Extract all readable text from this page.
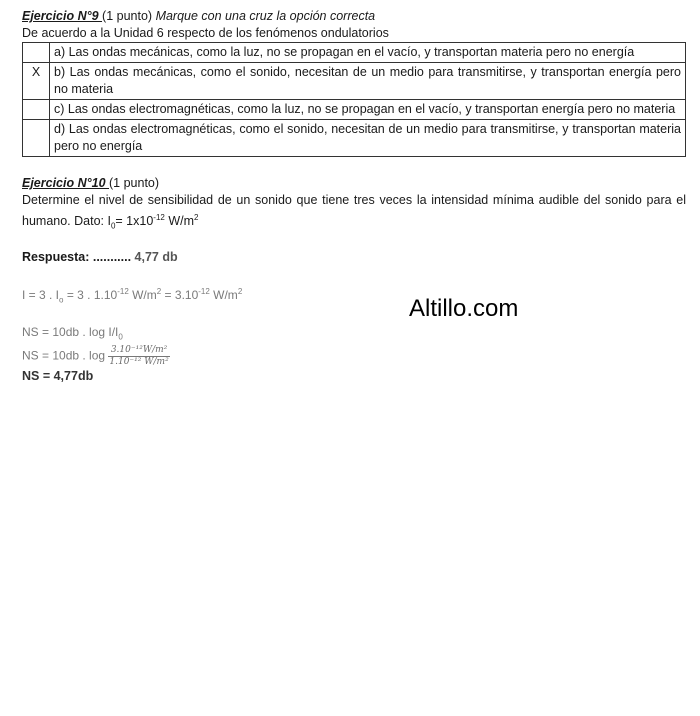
Ejercicio N°9 (1 punto) Marque con una cruz la opción correcta
De acuerdo a la Unidad 6 respecto de los fenómenos ondulatorios
	a) Las ondas mecánicas, como la luz, no se propagan en el vacío, y transportan materia pero no energía
X	b) Las ondas mecánicas, como el sonido, necesitan de un medio para transmitirse, y transportan energía pero no materia
	c) Las ondas electromagnéticas, como la luz, no se propagan en el vacío, y transportan energía pero no materia
	d) Las ondas electromagnéticas, como el sonido, necesitan de un medio para transmitirse, y transportan materia pero no energía
Ejercicio N°10 (1 punto)
Determine el nivel de sensibilidad de un sonido que tiene tres veces la intensidad mínima audible del sonido para el humano. Dato: $I_0= 1x10^{-12}$ $W/m^2$
Respuesta: ........... 4,77 db
I = 3 . $I_o = 3$ . $1.10^{-12}$ $W/m^2 = 3.10^{-12}$ $W/m^2$
NS = 10db . $\log I/I_0$
NS = 10db . $\log \frac{\text{3.10⁻¹²W/m²}}{\text{1.10⁻¹² W/m²}}$
NS = 4,77db
Altillo.com
